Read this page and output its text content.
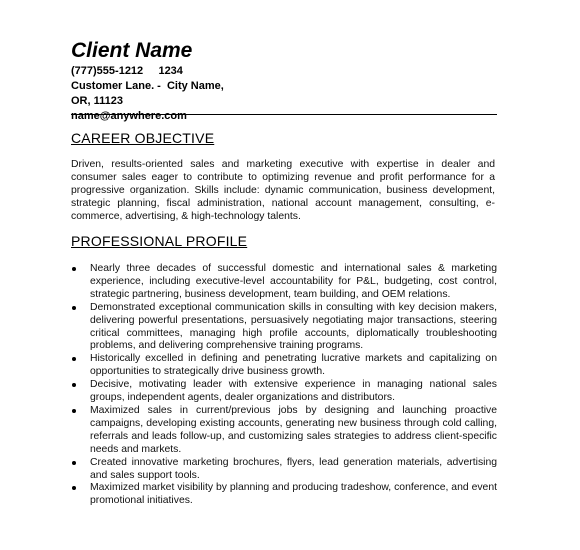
Client Name
(777)555-1212     1234
Customer Lane. -  City Name,
OR, 11123
name@anywhere.com
CAREER OBJECTIVE
Driven, results-oriented sales and marketing executive with expertise in dealer and consumer sales eager to contribute to optimizing revenue and profit performance for a progressive organization. Skills include: dynamic communication, business development, strategic planning, fiscal administration, national account management, consulting, e-commerce, advertising, & high-technology talents.
PROFESSIONAL PROFILE
Nearly three decades of successful domestic and international sales & marketing experience, including executive-level accountability for P&L, budgeting, cost control, strategic partnering, business development, team building, and OEM relations.
Demonstrated exceptional communication skills in consulting with key decision makers, delivering powerful presentations, persuasively negotiating major transactions, steering critical committees, managing high profile accounts, diplomatically troubleshooting problems, and delivering comprehensive training programs.
Historically excelled in defining and penetrating lucrative markets and capitalizing on opportunities to strategically drive business growth.
Decisive, motivating leader with extensive experience in managing national sales groups, independent agents, dealer organizations and distributors.
Maximized sales in current/previous jobs by designing and launching proactive campaigns, developing existing accounts, generating new business through cold calling, referrals and leads follow-up, and customizing sales strategies to address client-specific needs and markets.
Created innovative marketing brochures, flyers, lead generation materials, advertising and sales support tools.
Maximized market visibility by planning and producing tradeshow, conference, and event promotional initiatives.
